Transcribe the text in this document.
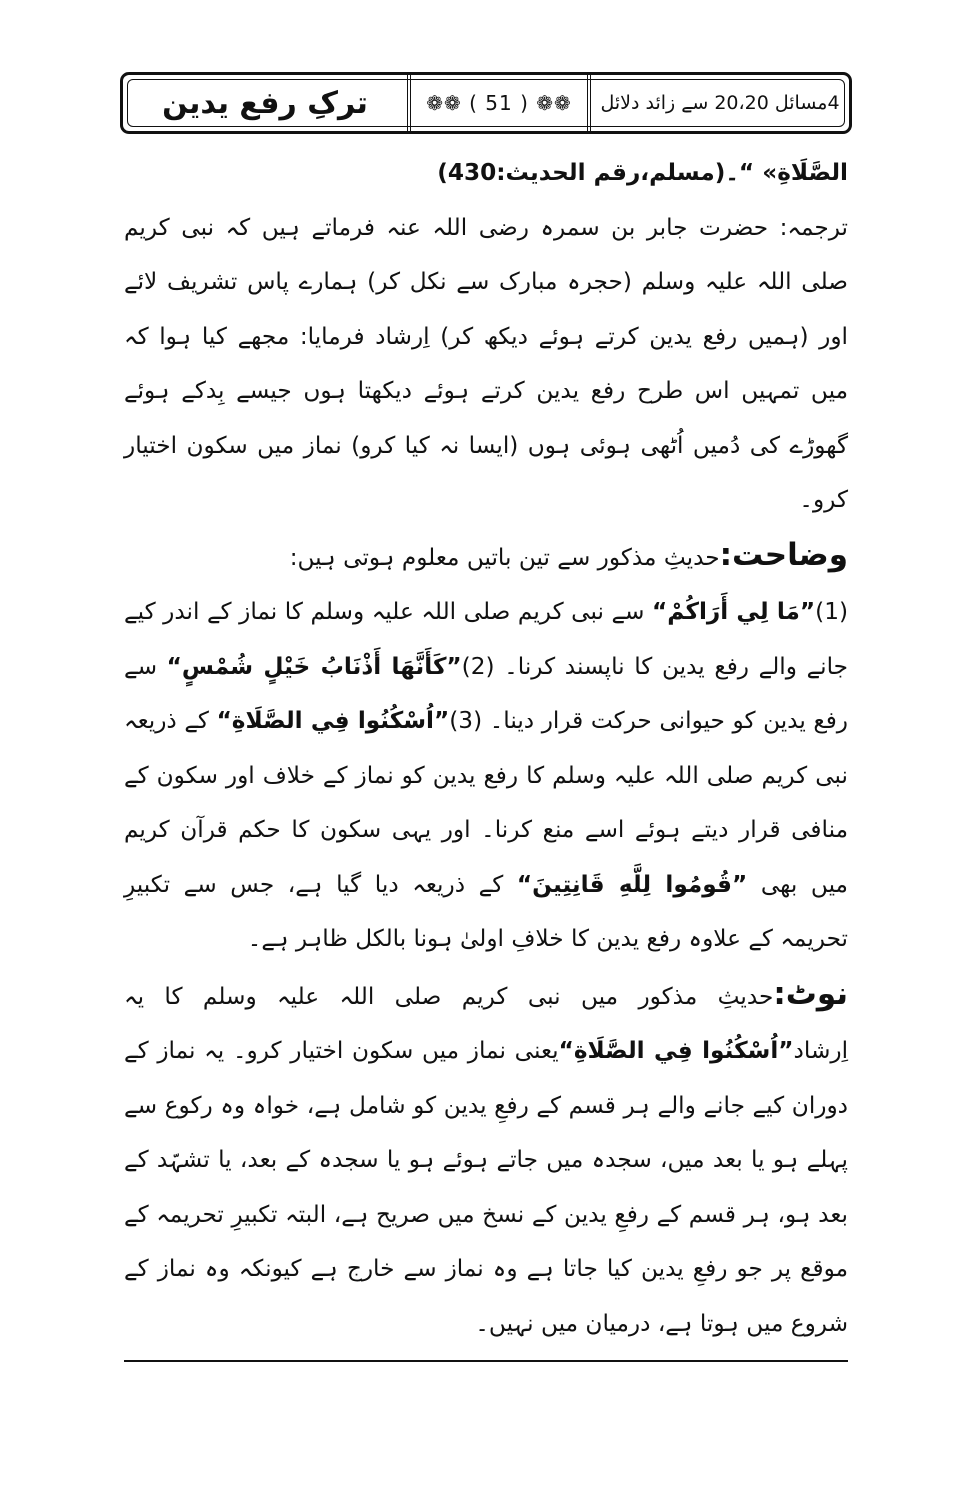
4مسائل 20،20 سے زائد دلائل
❁❁ ( 51 ) ❁❁
ترکِ رفع یدین

الصَّلَاةِ» “۔(مسلم،رقم الحدیث:430)

ترجمہ: حضرت جابر بن سمرہ رضی اللہ عنہ فرماتے ہیں کہ نبی کریم صلی اللہ علیہ وسلم (حجرہ مبارک سے نکل کر) ہمارے پاس تشریف لائے اور (ہمیں رفع یدین کرتے ہوئے دیکھ کر) اِرشاد فرمایا: مجھے کیا ہوا کہ میں تمہیں اس طرح رفع یدین کرتے ہوئے دیکھتا ہوں جیسے بِدکے ہوئے گھوڑے کی دُمیں اُٹھی ہوئی ہوں (ایسا نہ کیا کرو) نماز میں سکون اختیار کرو۔

وضاحت:حدیثِ مذکور سے تین باتیں معلوم ہوتی ہیں:

(1)”مَا لِي أَرَاكُمْ“ سے نبی کریم صلی اللہ علیہ وسلم کا نماز کے اندر کیے جانے والے رفع یدین کا ناپسند کرنا۔ (2)”كَأَنَّهَا أَذْنَابُ خَيْلٍ شُمْسٍ“ سے رفع یدین کو حیوانی حرکت قرار دینا۔ (3)”اُسْكُنُوا فِي الصَّلَاةِ“ کے ذریعہ نبی کریم صلی اللہ علیہ وسلم کا رفع یدین کو نماز کے خلاف اور سکون کے منافی قرار دیتے ہوئے اسے منع کرنا۔ اور یہی سکون کا حکم قرآن کریم میں بھی ”قُومُوا لِلَّهِ قَانِتِينَ“ کے ذریعہ دیا گیا ہے، جس سے تکبیرِ تحریمہ کے علاوہ رفع یدین کا خلافِ اولیٰ ہونا بالکل ظاہر ہے۔

نوٹ:حدیثِ مذکور میں نبی کریم صلی اللہ علیہ وسلم کا یہ اِرشاد”اُسْكُنُوا فِي الصَّلَاةِ“یعنی نماز میں سکون اختیار کرو۔ یہ نماز کے دوران کیے جانے والے ہر قسم کے رفعِ یدین کو شامل ہے، خواہ وہ رکوع سے پہلے ہو یا بعد میں، سجدہ میں جاتے ہوئے ہو یا سجدہ کے بعد، یا تشہّد کے بعد ہو، ہر قسم کے رفعِ یدین کے نسخ میں صریح ہے، البتہ تکبیرِ تحریمہ کے موقع پر جو رفعِ یدین کیا جاتا ہے وہ نماز سے خارج ہے کیونکہ وہ نماز کے شروع میں ہوتا ہے، درمیان میں نہیں۔
